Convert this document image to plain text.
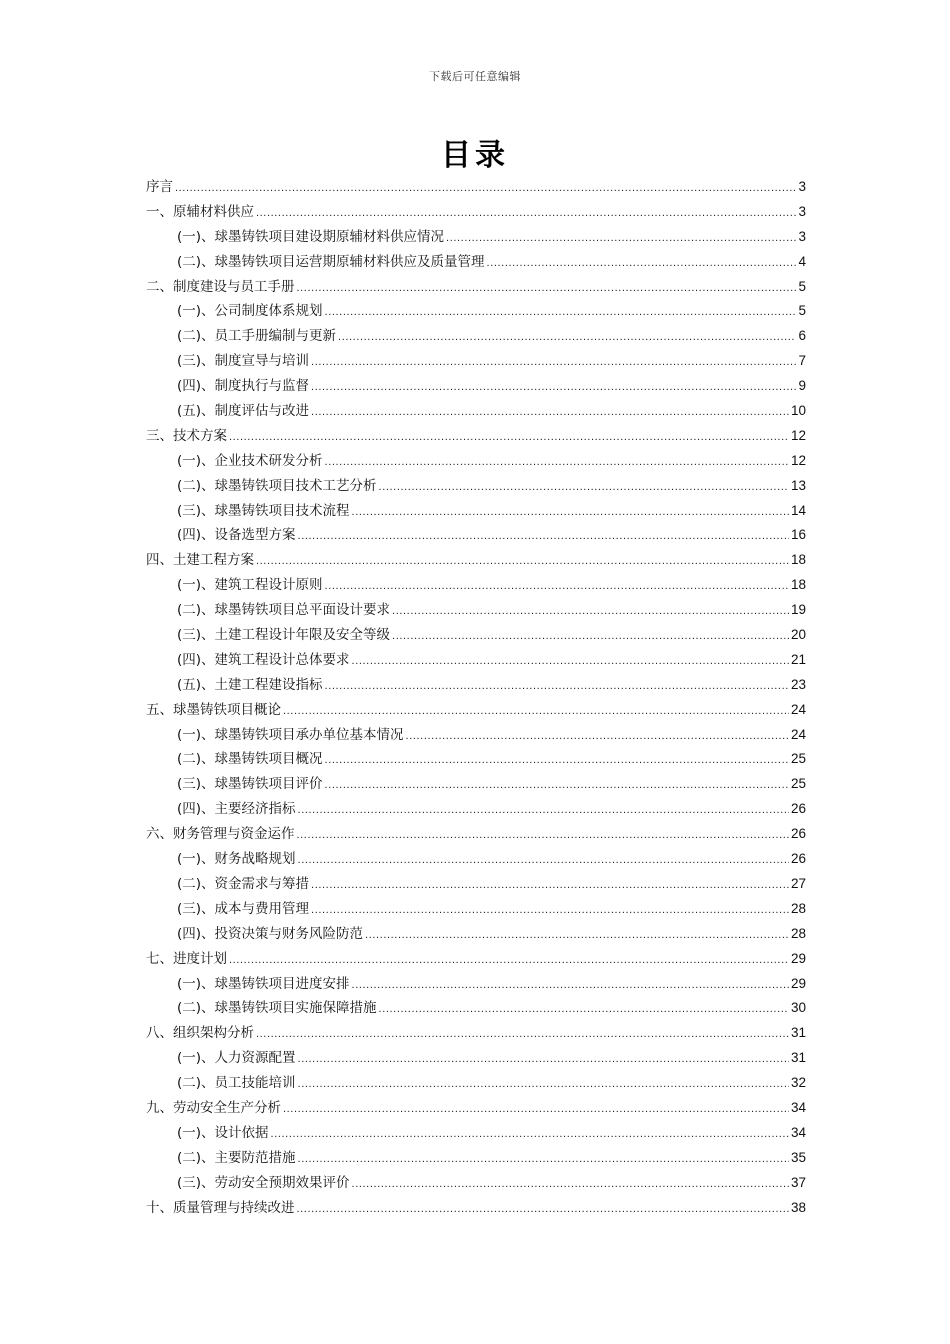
下载后可任意编辑
目录
序言 .....	3
一、原辅材料供应 .....	3
(一)、球墨铸铁项目建设期原辅材料供应情况 .....	3
(二)、球墨铸铁项目运营期原辅材料供应及质量管理 .....	4
二、制度建设与员工手册 .....	5
(一)、公司制度体系规划 .....	5
(二)、员工手册编制与更新 .....	6
(三)、制度宣导与培训 .....	7
(四)、制度执行与监督 .....	9
(五)、制度评估与改进 .....	10
三、技术方案 .....	12
(一)、企业技术研发分析 .....	12
(二)、球墨铸铁项目技术工艺分析 .....	13
(三)、球墨铸铁项目技术流程 .....	14
(四)、设备选型方案 .....	16
四、土建工程方案 .....	18
(一)、建筑工程设计原则 .....	18
(二)、球墨铸铁项目总平面设计要求 .....	19
(三)、土建工程设计年限及安全等级 .....	20
(四)、建筑工程设计总体要求 .....	21
(五)、土建工程建设指标 .....	23
五、球墨铸铁项目概论 .....	24
(一)、球墨铸铁项目承办单位基本情况 .....	24
(二)、球墨铸铁项目概况 .....	25
(三)、球墨铸铁项目评价 .....	25
(四)、主要经济指标 .....	26
六、财务管理与资金运作 .....	26
(一)、财务战略规划 .....	26
(二)、资金需求与筹措 .....	27
(三)、成本与费用管理 .....	28
(四)、投资决策与财务风险防范 .....	28
七、进度计划 .....	29
(一)、球墨铸铁项目进度安排 .....	29
(二)、球墨铸铁项目实施保障措施 .....	30
八、组织架构分析 .....	31
(一)、人力资源配置 .....	31
(二)、员工技能培训 .....	32
九、劳动安全生产分析 .....	34
(一)、设计依据 .....	34
(二)、主要防范措施 .....	35
(三)、劳动安全预期效果评价 .....	37
十、质量管理与持续改进 .....	38
